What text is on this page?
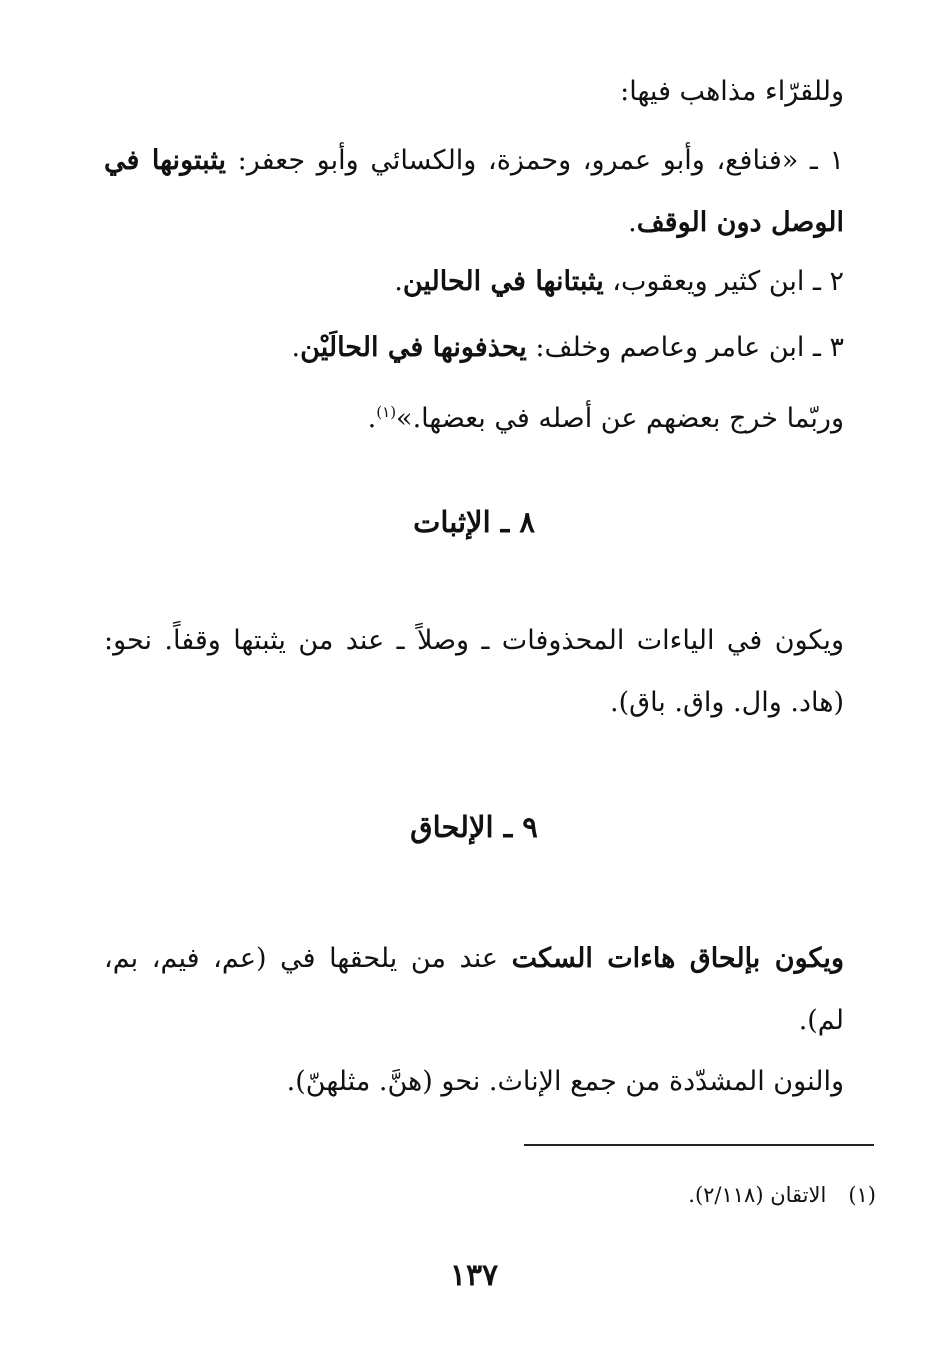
وللقرّاء مذاهب فيها:
١ ـ «فنافع، وأبو عمرو، وحمزة، والكسائي وأبو جعفر: يثبتونها في الوصل دون الوقف.
٢ ـ ابن كثير ويعقوب، يثبتانها في الحالين.
٣ ـ ابن عامر وعاصم وخلف: يحذفونها في الحالَيْن.
وربّما خرج بعضهم عن أصله في بعضها.»$^{(١)}$.
٨ ـ الإثبات
ويكون في الياءات المحذوفات ـ وصلاً ـ عند من يثبتها وقفاً. نحو: (هاد. وال. واق. باق).
٩ ـ الإلحاق
ويكون بإلحاق هاءات السكت عند من يلحقها في (عم، فيم، بم، لم).
والنون المشدّدة من جمع الإناث. نحو (هنَّ. مثلهنّ).
(١)الاتقان (٢/١١٨).
١٣٧
